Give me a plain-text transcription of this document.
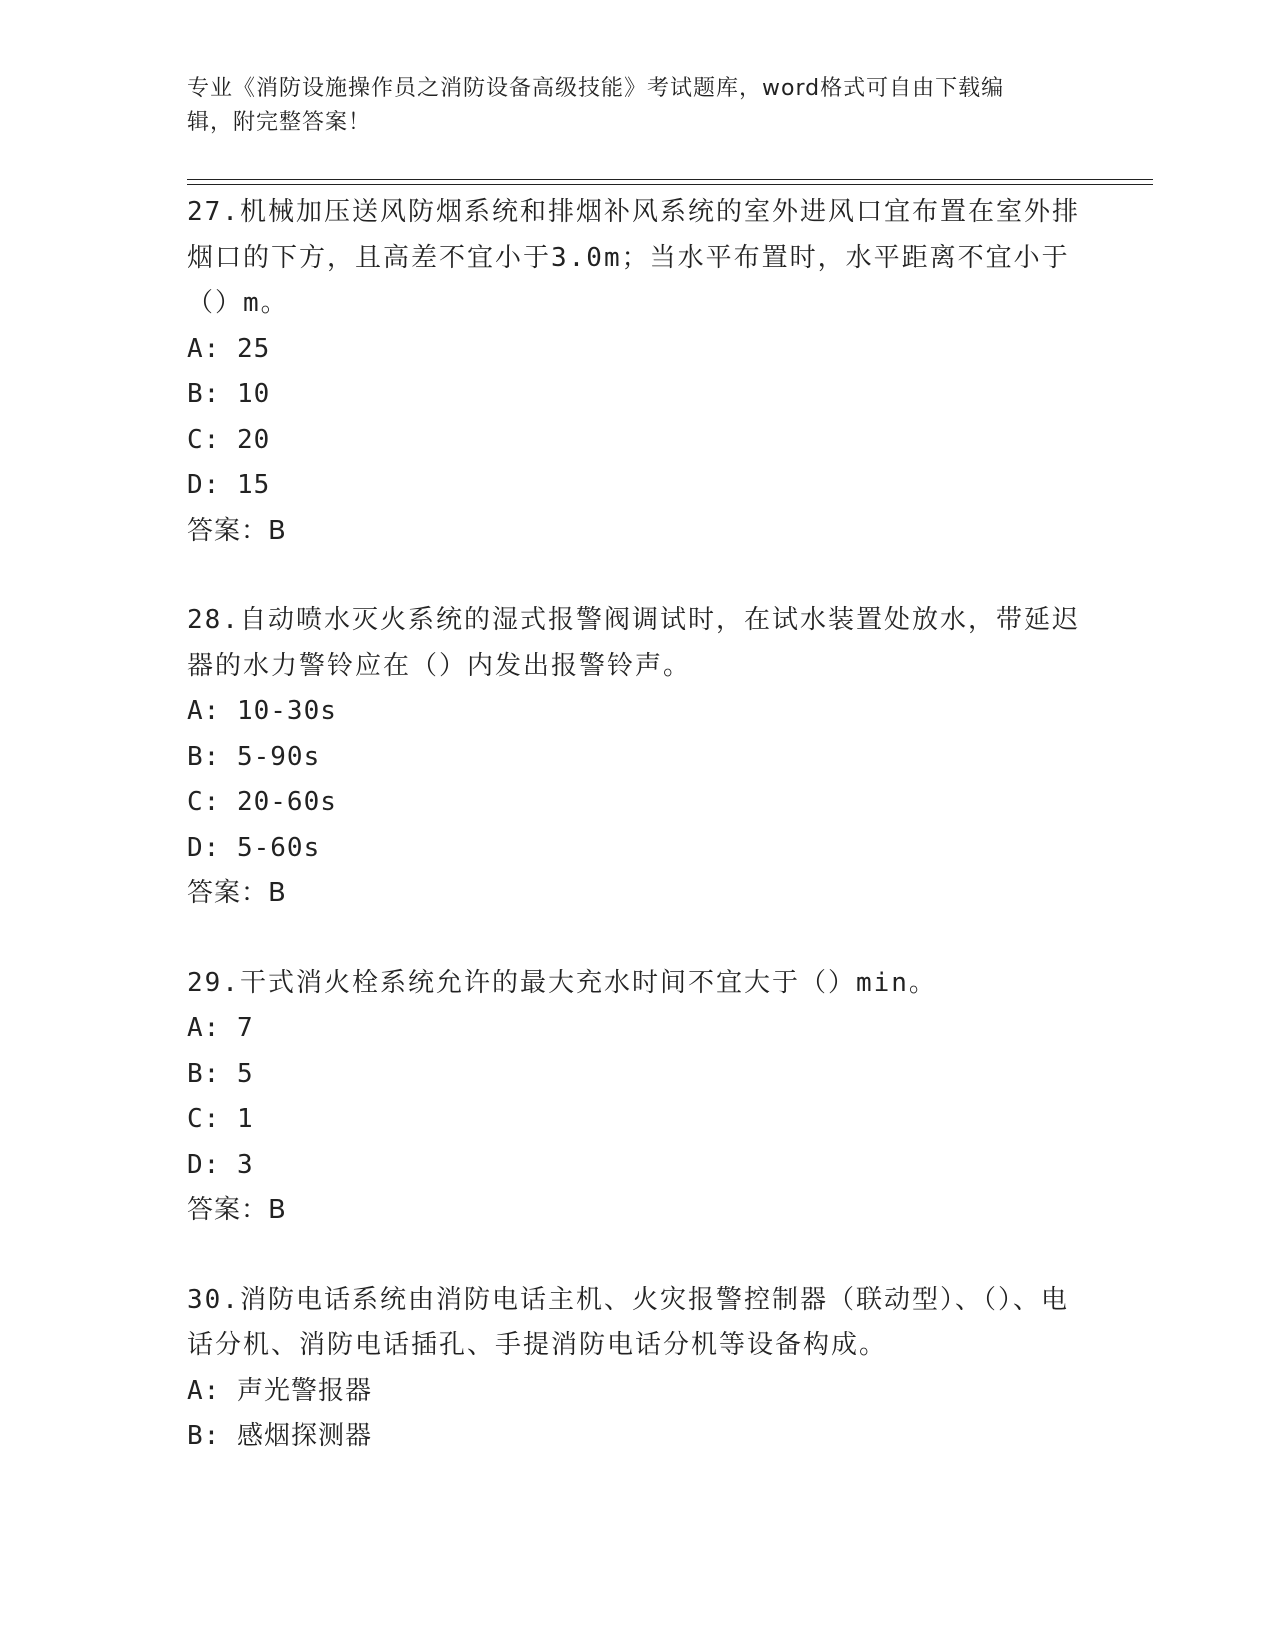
专业《消防设施操作员之消防设备高级技能》考试题库，word格式可自由下载编
辑，附完整答案！

27.机械加压送风防烟系统和排烟补风系统的室外进风口宜布置在室外排烟口的下方，且高差不宜小于3.0m；当水平布置时，水平距离不宜小于（）m。

A: 25

B: 10

C: 20

D: 15

答案：B

28.自动喷水灭火系统的湿式报警阀调试时，在试水装置处放水，带延迟器的水力警铃应在（）内发出报警铃声。

A: 10-30s

B: 5-90s

C: 20-60s

D: 5-60s

答案：B

29.干式消火栓系统允许的最大充水时间不宜大于（）min。

A: 7

B: 5

C: 1

D: 3

答案：B

30.消防电话系统由消防电话主机、火灾报警控制器（联动型）、（）、电话分机、消防电话插孔、手提消防电话分机等设备构成。

A: 声光警报器

B: 感烟探测器
